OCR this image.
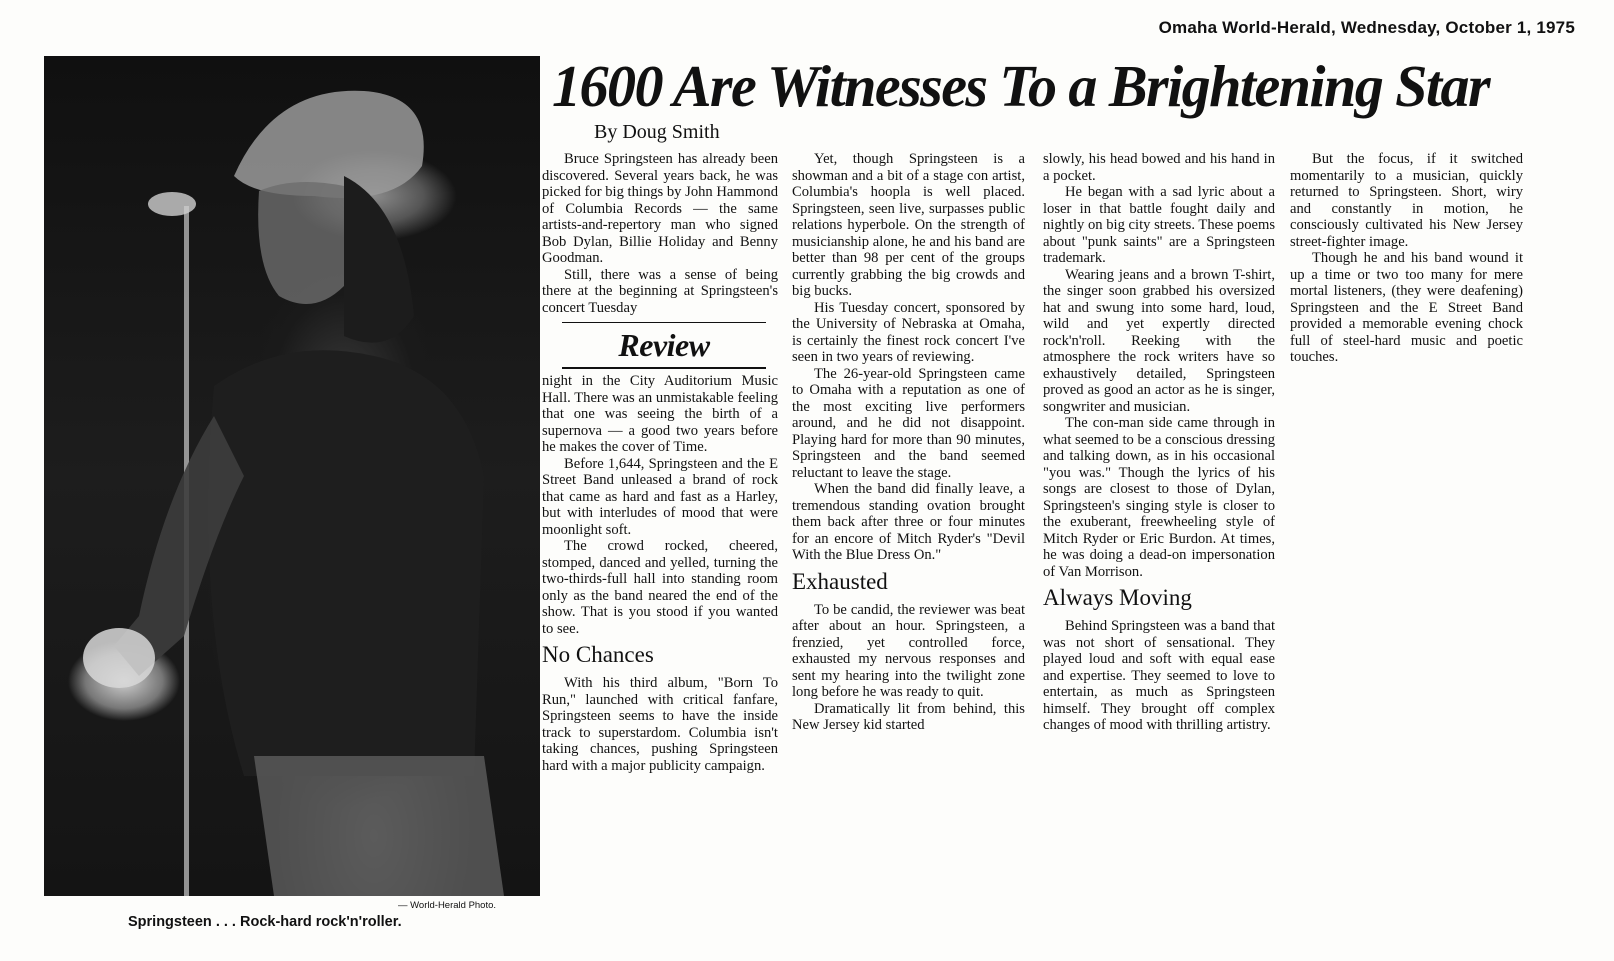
Omaha World-Herald, Wednesday, October 1, 1975
— World-Herald Photo.
Springsteen . . . Rock-hard rock'n'roller.
1600 Are Witnesses To a Brightening Star
By Doug Smith

Bruce Springsteen has already been discovered. Several years back, he was picked for big things by John Hammond of Columbia Records — the same artists-and-repertory man who signed Bob Dylan, Billie Holiday and Benny Goodman.

Still, there was a sense of being there at the beginning at Springsteen's concert Tuesday

Review

night in the City Auditorium Music Hall. There was an unmistakable feeling that one was seeing the birth of a supernova — a good two years before he makes the cover of Time.

Before 1,644, Springsteen and the E Street Band unleased a brand of rock that came as hard and fast as a Harley, but with interludes of mood that were moonlight soft.

The crowd rocked, cheered, stomped, danced and yelled, turning the two-thirds-full hall into standing room only as the band neared the end of the show. That is you stood if you wanted to see.

No Chances

With his third album, "Born To Run," launched with critical fanfare, Springsteen seems to have the inside track to superstardom. Columbia isn't taking chances, pushing Springsteen hard with a major publicity campaign.

Yet, though Springsteen is a showman and a bit of a stage con artist, Columbia's hoopla is well placed. Springsteen, seen live, surpasses public relations hyperbole. On the strength of musicianship alone, he and his band are better than 98 per cent of the groups currently grabbing the big crowds and big bucks.

His Tuesday concert, sponsored by the University of Nebraska at Omaha, is certainly the finest rock concert I've seen in two years of reviewing.

The 26-year-old Springsteen came to Omaha with a reputation as one of the most exciting live performers around, and he did not disappoint. Playing hard for more than 90 minutes, Springsteen and the band seemed reluctant to leave the stage.

When the band did finally leave, a tremendous standing ovation brought them back after three or four minutes for an encore of Mitch Ryder's "Devil With the Blue Dress On."

Exhausted

To be candid, the reviewer was beat after about an hour. Springsteen, a frenzied, yet controlled force, exhausted my nervous responses and sent my hearing into the twilight zone long before he was ready to quit.

Dramatically lit from behind, this New Jersey kid started

slowly, his head bowed and his hand in a pocket.

He began with a sad lyric about a loser in that battle fought daily and nightly on big city streets. These poems about "punk saints" are a Springsteen trademark.

Wearing jeans and a brown T-shirt, the singer soon grabbed his oversized hat and swung into some hard, loud, wild and yet expertly directed rock'n'roll. Reeking with the atmosphere the rock writers have so exhaustively detailed, Springsteen proved as good an actor as he is singer, songwriter and musician.

The con-man side came through in what seemed to be a conscious dressing and talking down, as in his occasional "you was." Though the lyrics of his songs are closest to those of Dylan, Springsteen's singing style is closer to the exuberant, freewheeling style of Mitch Ryder or Eric Burdon. At times, he was doing a dead-on impersonation of Van Morrison.

Always Moving

Behind Springsteen was a band that was not short of sensational. They played loud and soft with equal ease and expertise. They seemed to love to entertain, as much as Springsteen himself. They brought off complex changes of mood with thrilling artistry.

But the focus, if it switched momentarily to a musician, quickly returned to Springsteen. Short, wiry and constantly in motion, he consciously cultivated his New Jersey street-fighter image.

Though he and his band wound it up a time or two too many for mere mortal listeners, (they were deafening) Springsteen and the E Street Band provided a memorable evening chock full of steel-hard music and poetic touches.
